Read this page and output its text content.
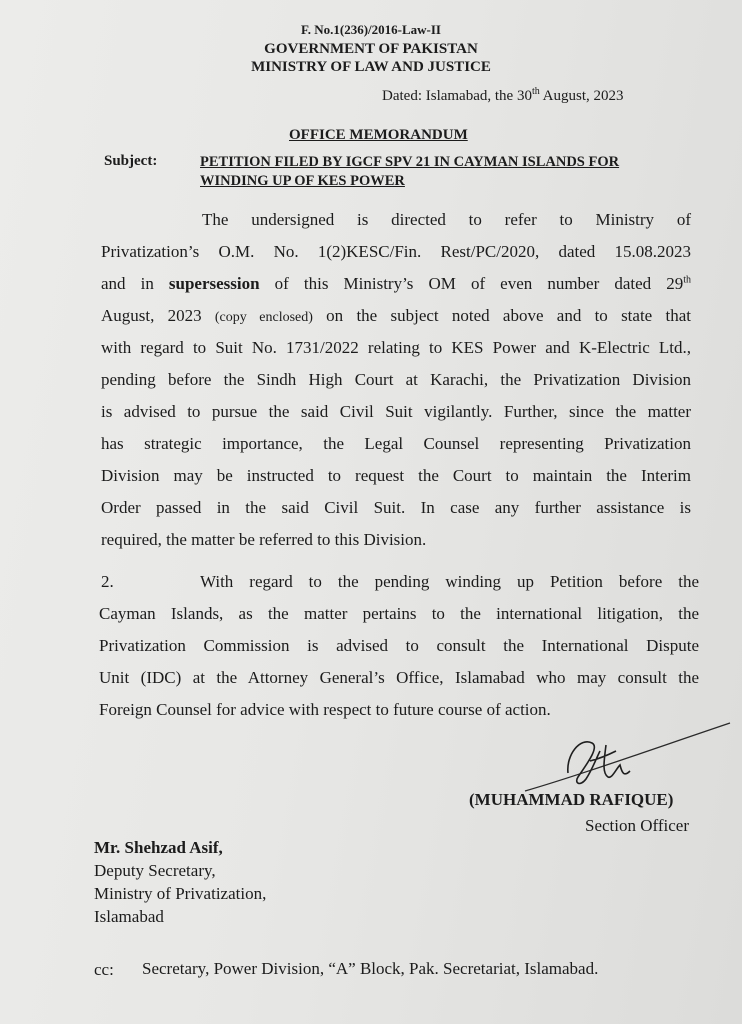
F. No.1(236)/2016-Law-II
GOVERNMENT OF PAKISTAN
MINISTRY OF LAW AND JUSTICE
Dated: Islamabad, the 30th August, 2023
OFFICE MEMORANDUM
Subject:	PETITION FILED BY IGCF SPV 21 IN CAYMAN ISLANDS FOR
WINDING UP OF KES POWER
The undersigned is directed to refer to Ministry of
Privatization’s O.M. No. 1(2)KESC/Fin. Rest/PC/2020, dated 15.08.2023
and in supersession of this Ministry’s OM of even number dated 29th
August, 2023 (copy enclosed) on the subject noted above and to state that
with regard to Suit No. 1731/2022 relating to KES Power and K-Electric Ltd.,
pending before the Sindh High Court at Karachi, the Privatization Division
is advised to pursue the said Civil Suit vigilantly. Further, since the matter
has strategic importance, the Legal Counsel representing Privatization
Division may be instructed to request the Court to maintain the Interim
Order passed in the said Civil Suit. In case any further assistance is
required, the matter be referred to this Division.
2.	With regard to the pending winding up Petition before the
Cayman Islands, as the matter pertains to the international litigation, the
Privatization Commission is advised to consult the International Dispute
Unit (IDC) at the Attorney General’s Office, Islamabad who may consult the
Foreign Counsel for advice with respect to future course of action.
(MUHAMMAD RAFIQUE)
Section Officer
Mr. Shehzad Asif,
Deputy Secretary,
Ministry of Privatization,
Islamabad
cc: Secretary, Power Division, “A” Block, Pak. Secretariat, Islamabad.
